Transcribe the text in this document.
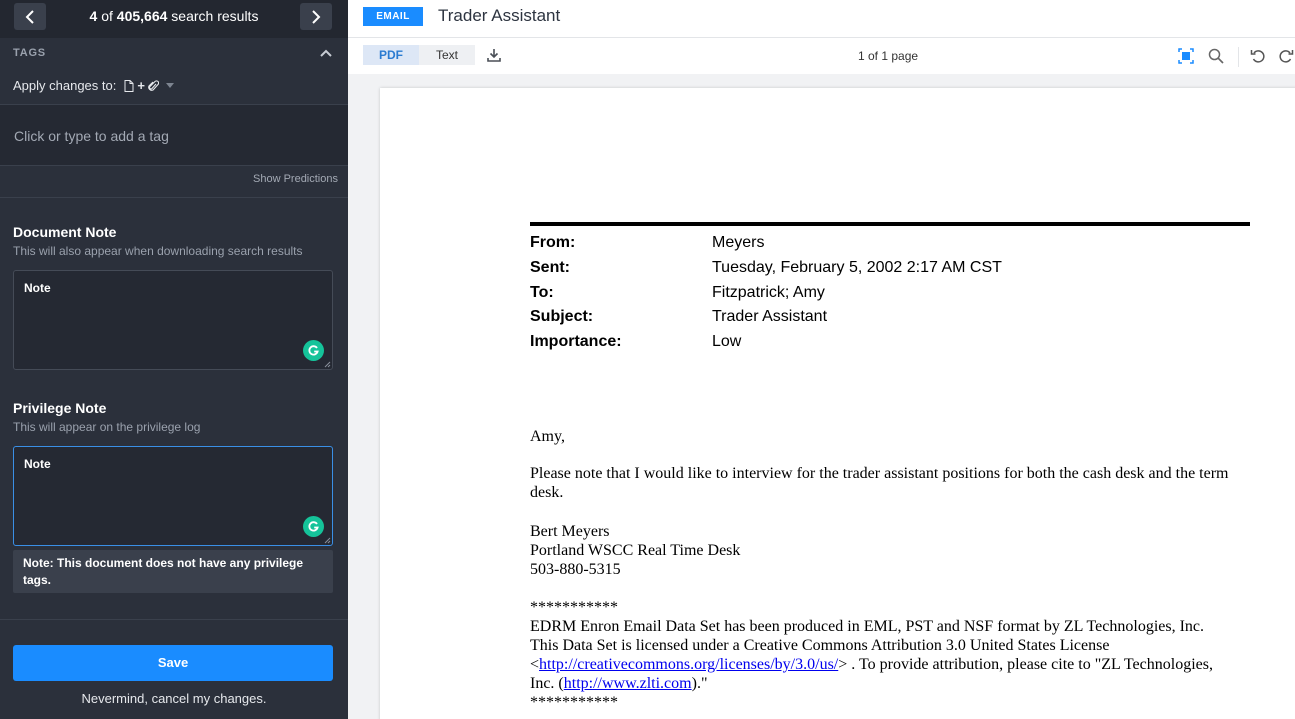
4 of 405,664 search results
TAGS
Apply changes to: +
Click or type to add a tag
Show Predictions
Document Note
This will also appear when downloading search results
Note
Privilege Note
This will appear on the privilege log
Note
Note: This document does not have any privilege tags.
Save
Nevermind, cancel my changes.
EMAIL	Trader Assistant
PDF	Text	1 of 1 page
From:	Meyers
Sent:	Tuesday, February 5, 2002 2:17 AM CST
To:	Fitzpatrick; Amy
Subject:	Trader Assistant
Importance:	Low
Amy,
Please note that I would like to interview for the trader assistant positions for both the cash desk and the term desk.
Bert Meyers
Portland WSCC Real Time Desk
503-880-5315
***********
EDRM Enron Email Data Set has been produced in EML, PST and NSF format by ZL Technologies, Inc.
This Data Set is licensed under a Creative Commons Attribution 3.0 United States License
<http://creativecommons.org/licenses/by/3.0/us/> . To provide attribution, please cite to "ZL Technologies,
Inc. (http://www.zlti.com)."
***********
